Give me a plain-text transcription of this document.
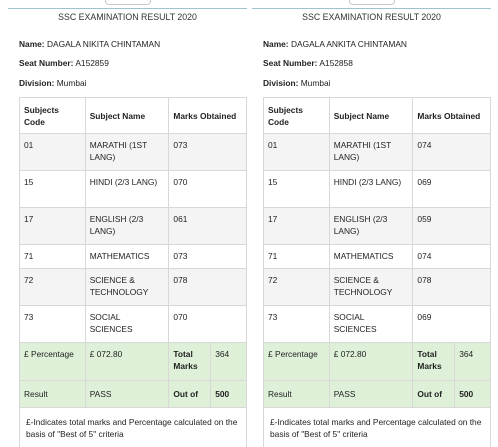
SSC EXAMINATION RESULT 2020
Name: DAGALA NIKITA CHINTAMAN
Seat Number: A152859
Division: Mumbai
Subjects Code	Subject Name	Marks Obtained	
01	MARATHI (1ST LANG)	073	
15	HINDI (2/3 LANG)	070	
17	ENGLISH (2/3 LANG)	061	
71	MATHEMATICS	073	
72	SCIENCE & TECHNOLOGY	078	
73	SOCIAL SCIENCES	070	
£ Percentage	£ 072.80	Total Marks	364
Result	PASS	Out of	500
£-Indicates total marks and Percentage calculated on the basis of "Best of 5" criteria			
SSC EXAMINATION RESULT 2020
Name: DAGALA ANKITA CHINTAMAN
Seat Number: A152858
Division: Mumbai
Subjects Code	Subject Name	Marks Obtained	
01	MARATHI (1ST LANG)	074	
15	HINDI (2/3 LANG)	069	
17	ENGLISH (2/3 LANG)	059	
71	MATHEMATICS	074	
72	SCIENCE & TECHNOLOGY	078	
73	SOCIAL SCIENCES	069	
£ Percentage	£ 072.80	Total Marks	364
Result	PASS	Out of	500
£-Indicates total marks and Percentage calculated on the basis of "Best of 5" criteria			
